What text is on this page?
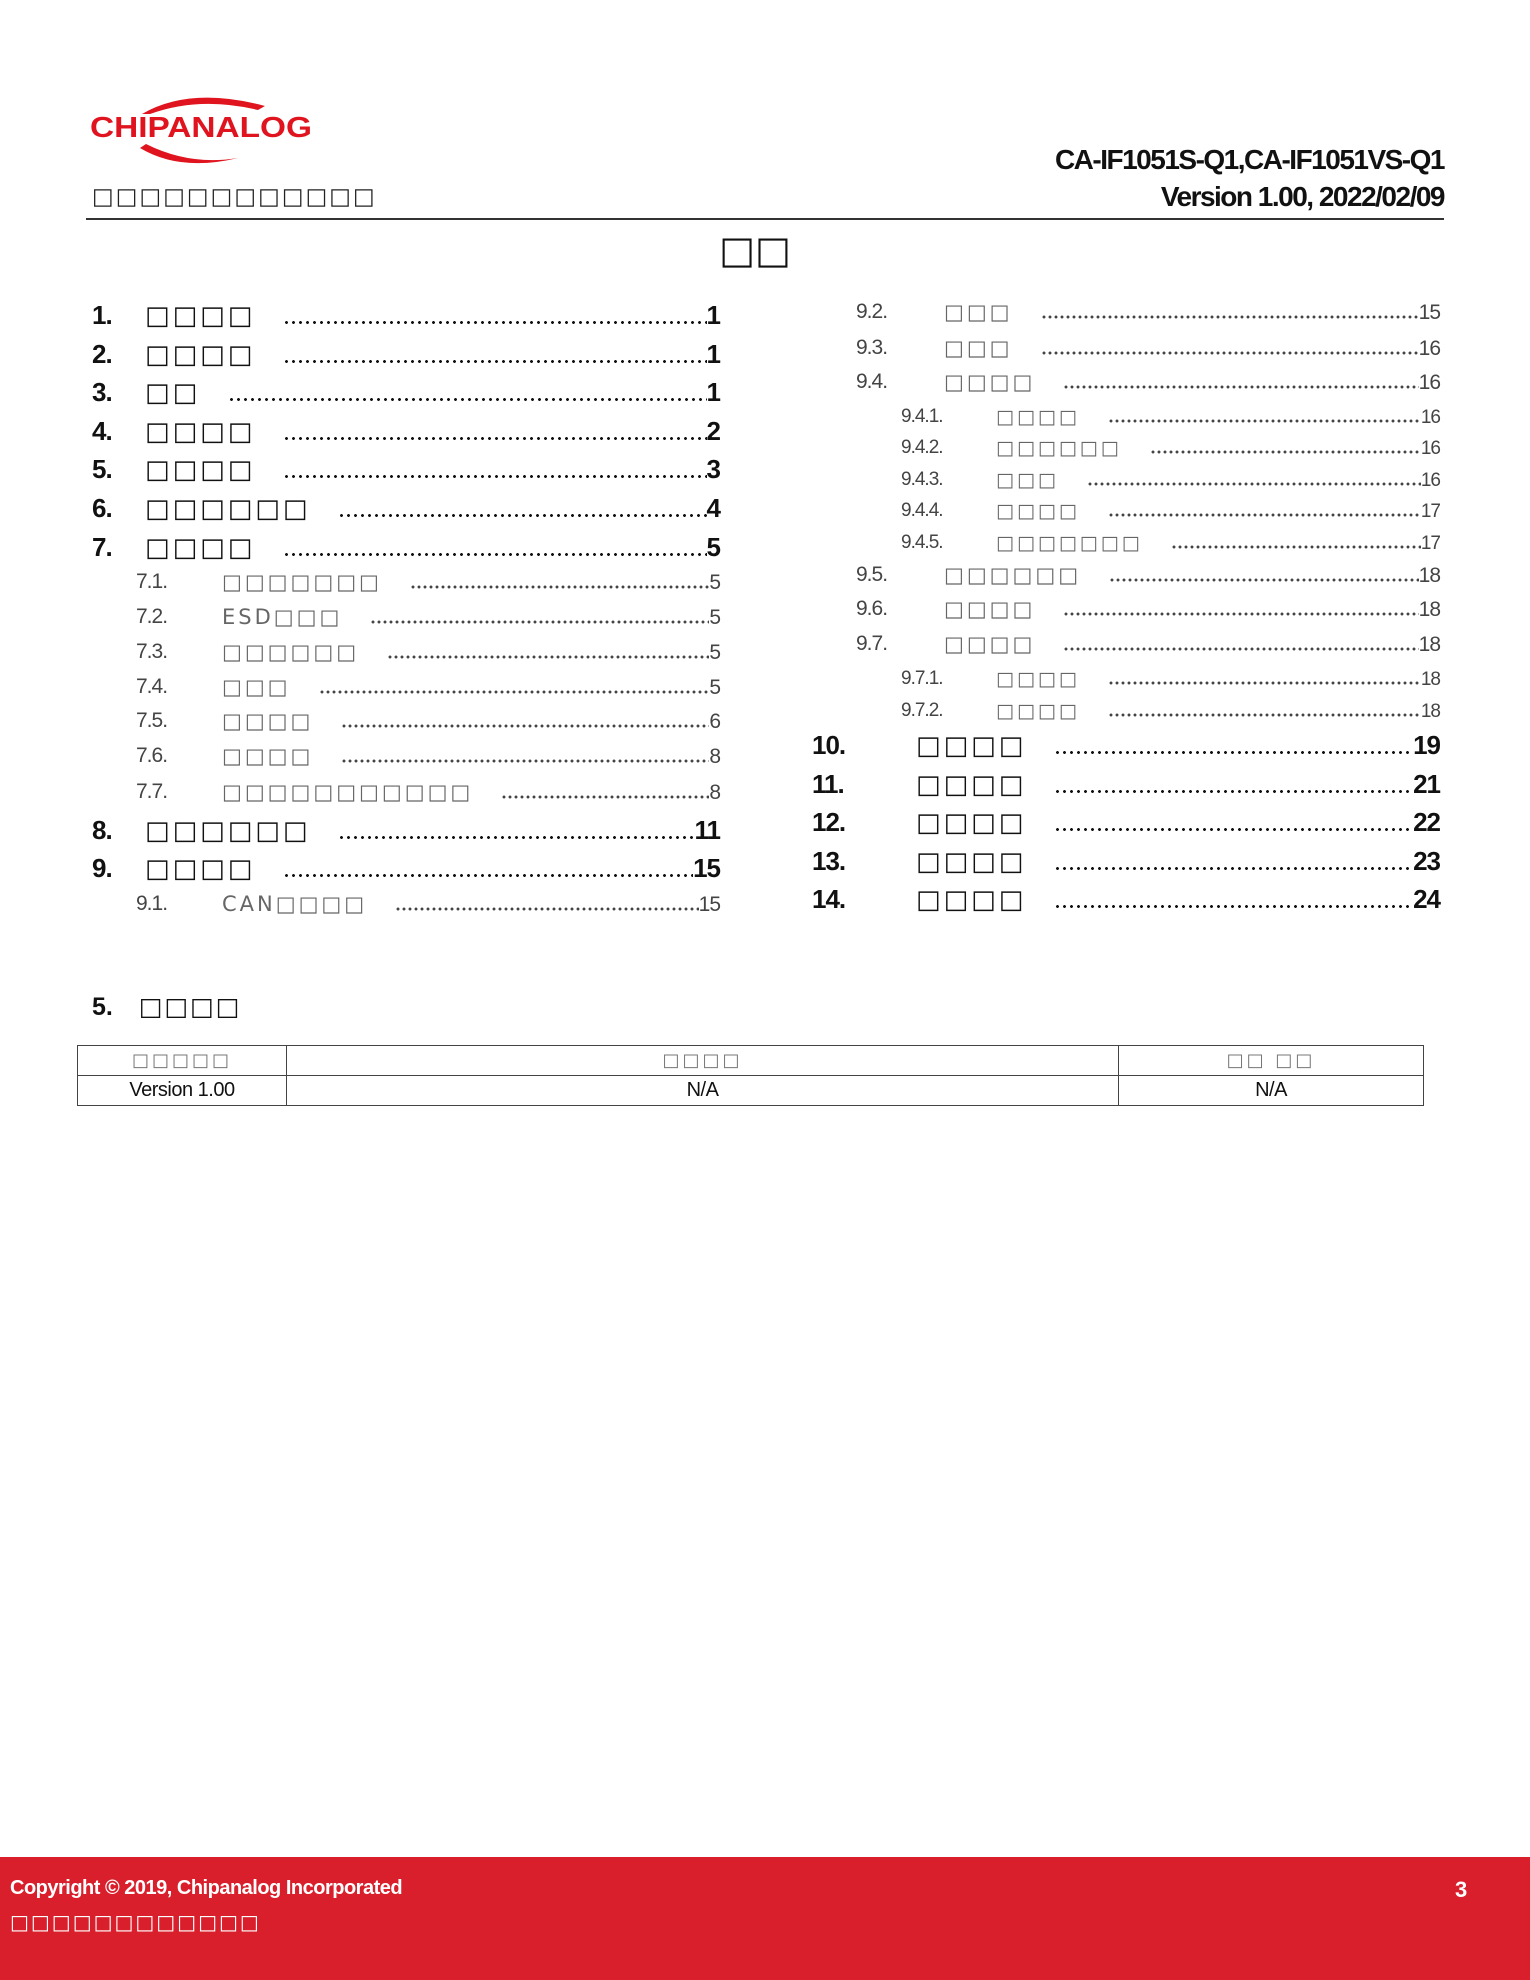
CHIPANALOG
□□□□□□□□□□□□
CA-IF1051S-Q1,CA-IF1051VS-Q1
Version 1.00, 2022/02/09
□□
1. □□□□	1
2. □□□□	1
3. □□	1
4. □□□□	2
5. □□□□	3
6. □□□□□□	4
7. □□□□	5
7.1.	□□□□□□□	5
7.2.	ESD□□□	5
7.3.	□□□□□□	5
7.4.	□□□	5
7.5.	□□□□	6
7.6.	□□□□	8
7.7.	□□□□□□□□□□□	8
8. □□□□□□	11
9. □□□□	15
9.1.	CAN□□□□	15
9.2.	□□□	15
9.3.	□□□	16
9.4.	□□□□	16
9.4.1.	□□□□	16
9.4.2.	□□□□□□	16
9.4.3.	□□□	16
9.4.4.	□□□□	17
9.4.5.	□□□□□□□	17
9.5.	□□□□□□	18
9.6.	□□□□	18
9.7.	□□□□	18
9.7.1.	□□□□	18
9.7.2.	□□□□	18
10.	□□□□	19
11.	□□□□	21
12.	□□□□	22
13.	□□□□	23
14.	□□□□	24
5. □□□□
□□□□□	□□□□	□□ □□
Version 1.00	N/A	N/A
Copyright © 2019, Chipanalog Incorporated
□□□□□□□□□□□□
3
